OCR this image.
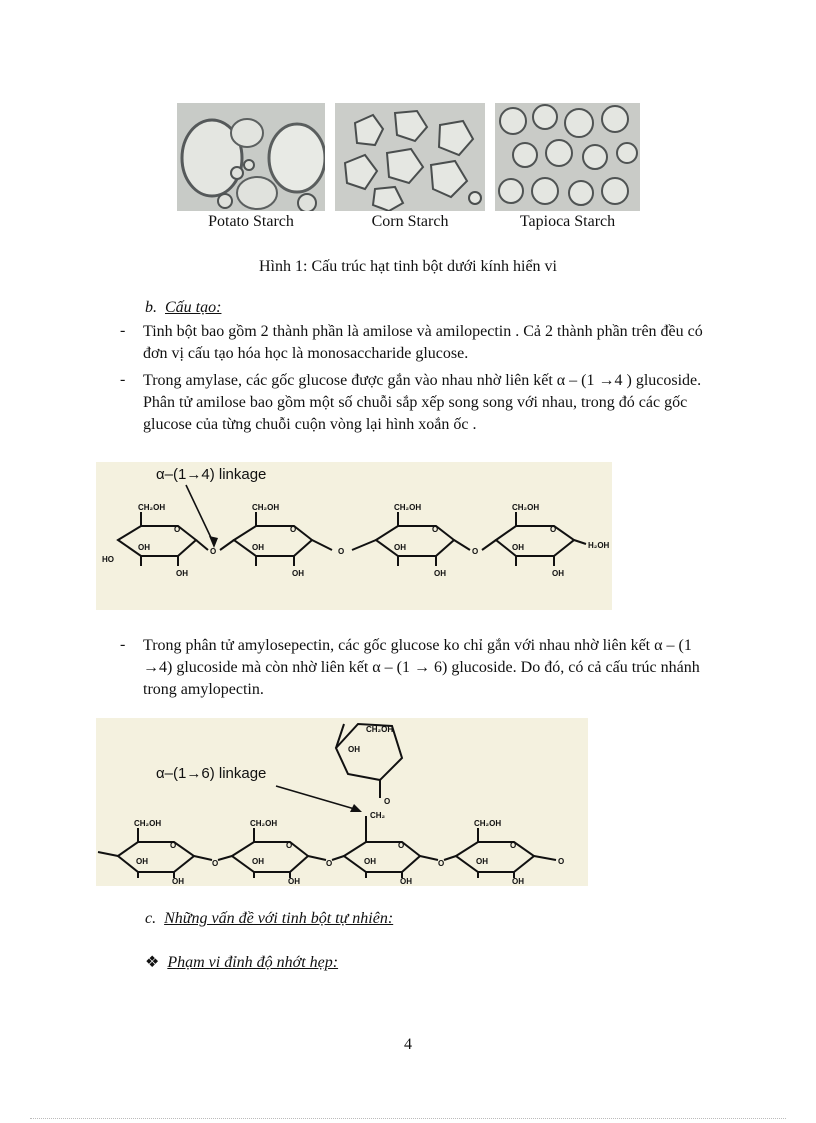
Potato Starch	Corn Starch	Tapioca Starch
Hình 1: Cấu trúc hạt tinh bột dưới kính hiển vi
b. Cấu tạo:
- Tinh bột bao gồm 2 thành phần là amilose và amilopectin . Cả 2 thành phần trên đều có đơn vị cấu tạo hóa học là monosaccharide glucose.
- Trong amylase, các gốc glucose được gắn vào nhau nhờ liên kết α – (1 →4 ) glucoside. Phân tử amilose bao gồm một số chuỗi sắp xếp song song với nhau, trong đó các gốc glucose của từng chuỗi cuộn vòng lại hình xoắn ốc .
α–(1→4) linkage
CH₂OH	CH₂OH	CH₂OH	CH₂OH
O	O	O	O
O	O	O
H₂OH
HO
OH
OH
OH
OH
OH
OH
OH
OH
- Trong phân tử amylosepectin, các gốc glucose ko chỉ gắn với nhau nhờ liên kết α – (1 →4) glucoside mà còn nhờ liên kết α – (1 → 6) glucoside. Do đó, có cả cấu trúc nhánh trong amylopectin.
α–(1→6) linkage
CH₂OH
OH
O
CH₂OH	CH₂OH
CH₂
CH₂OH
O	O	O	O
O	O	O	O
OH
OH
OH
OH
OH
OH
OH
OH
c. Những vấn đề với tinh bột tự nhiên:
❖ Phạm vi đỉnh độ nhớt hẹp:
4
